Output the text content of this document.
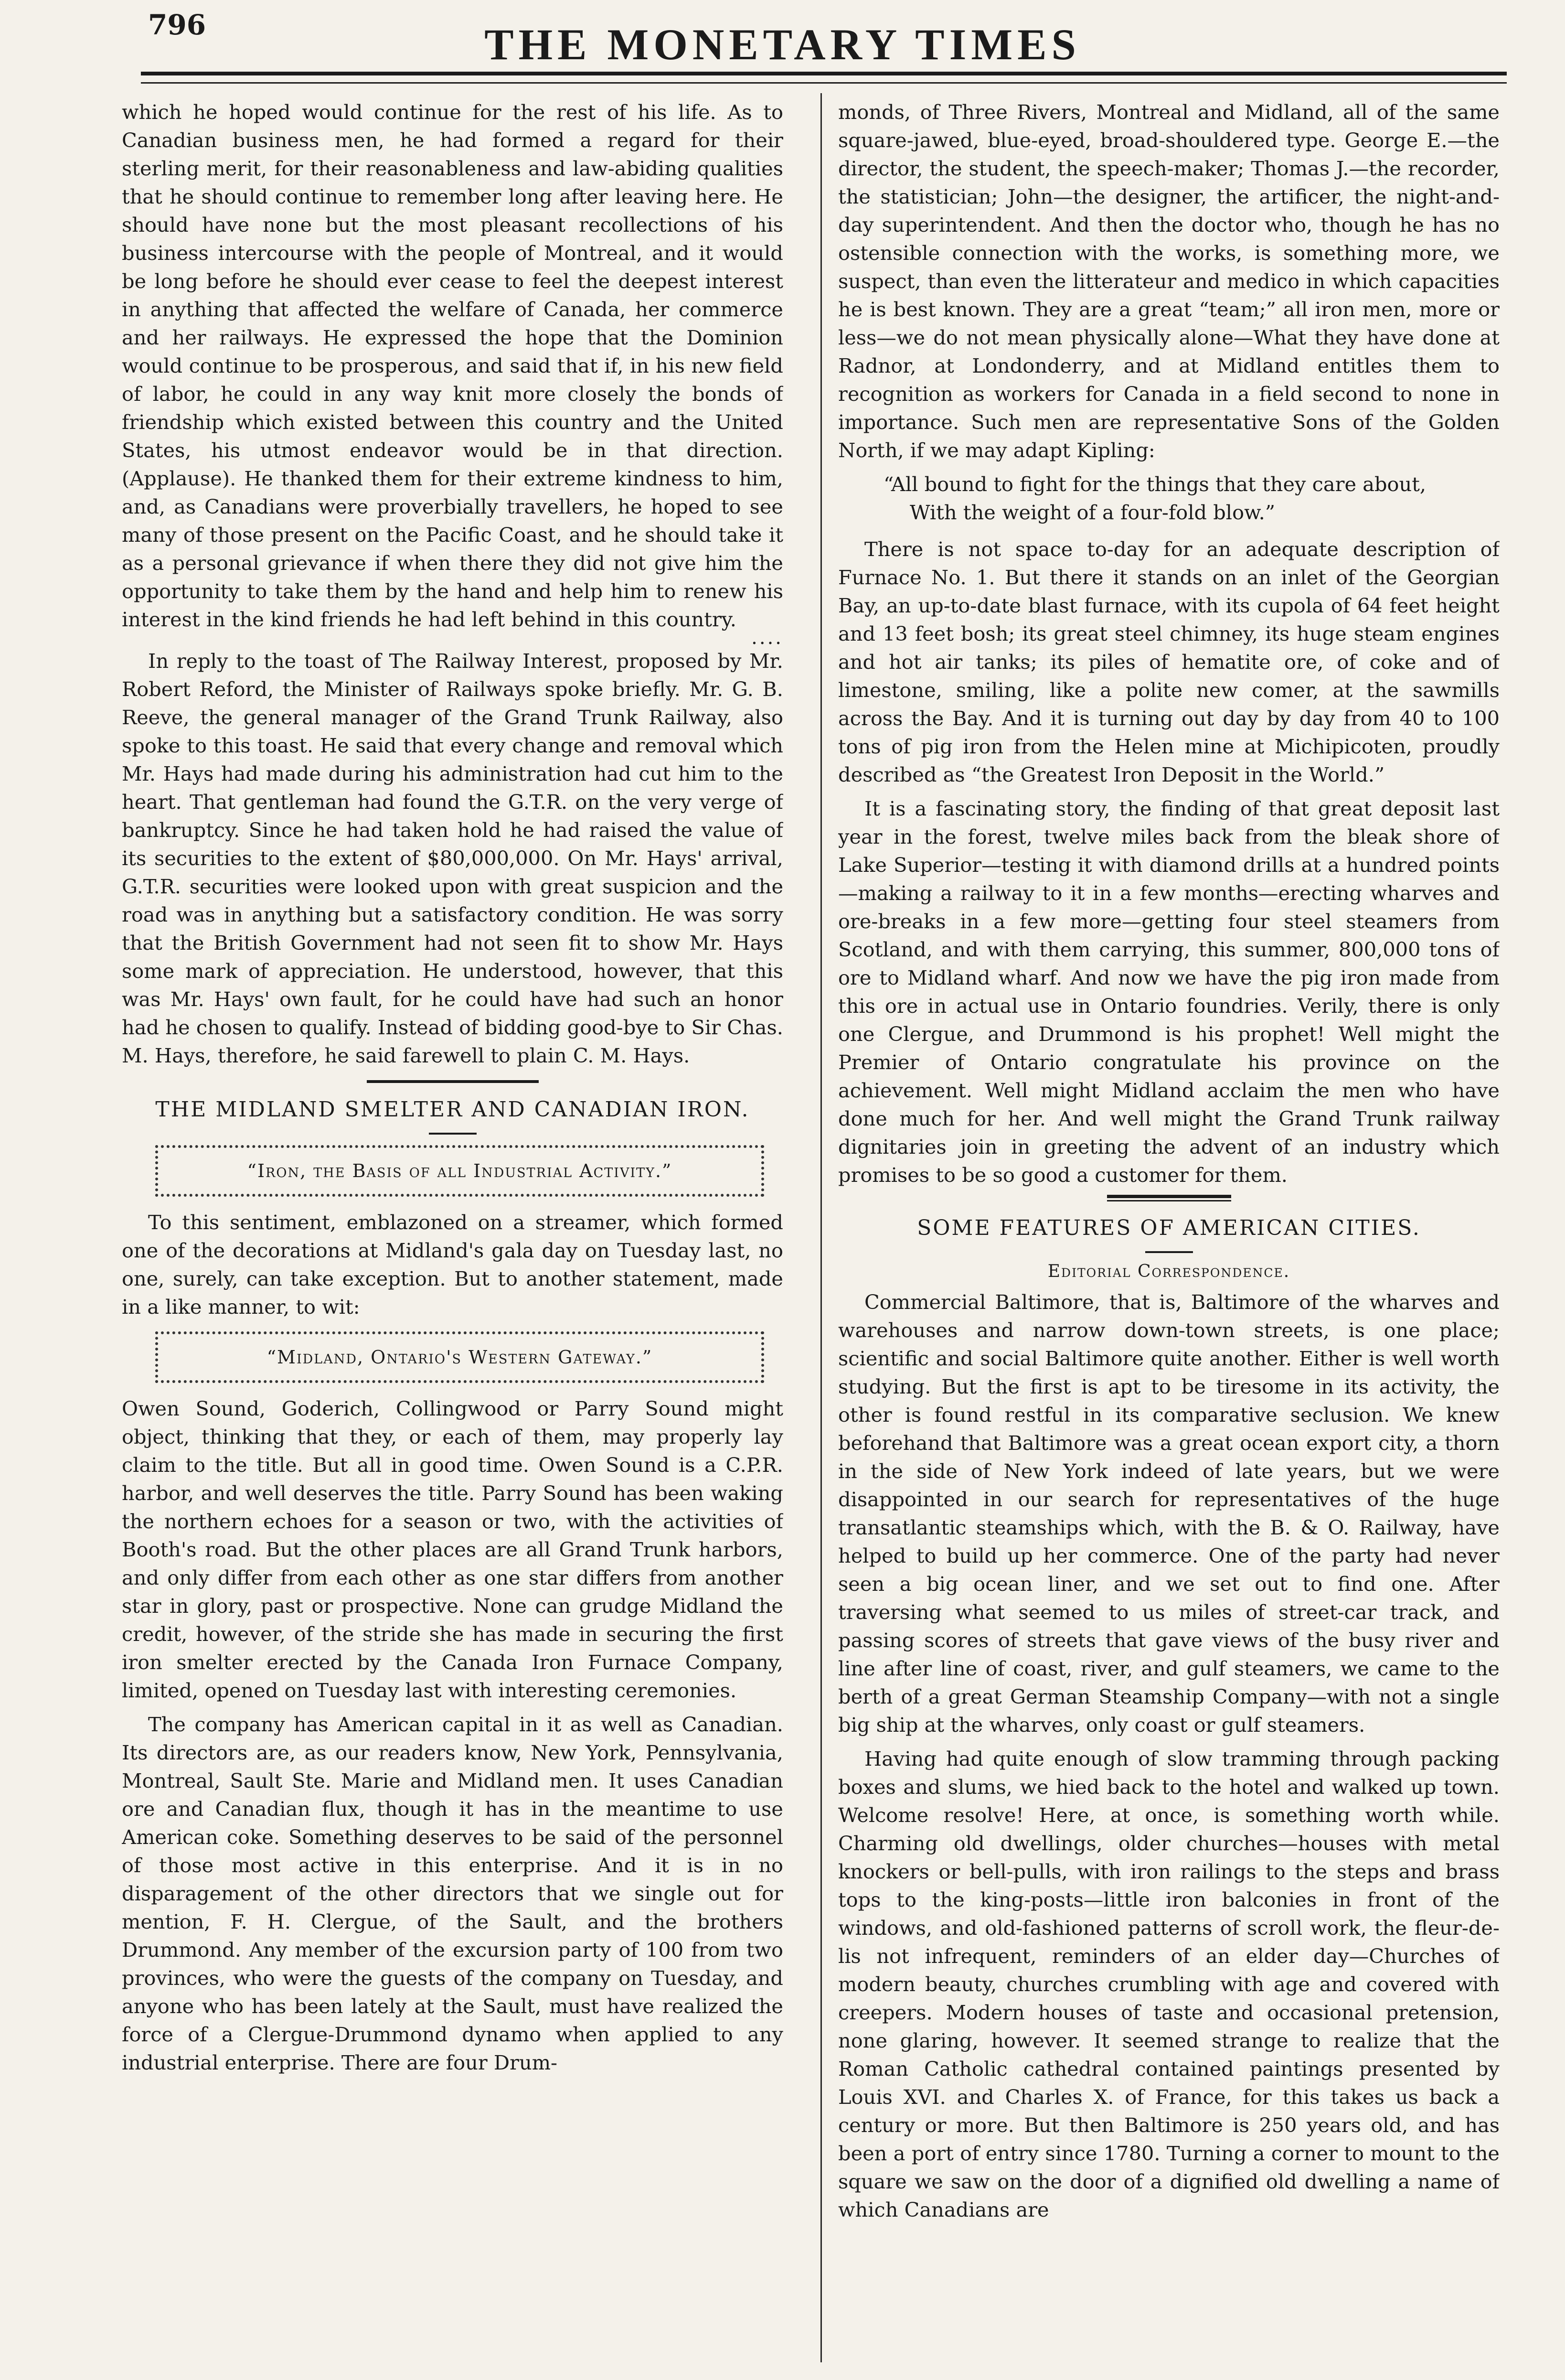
796	THE MONETARY TIMES

which he hoped would continue for the rest of his life. As to Canadian business men, he had formed a regard for their sterling merit, for their reasonableness and law-abiding qualities that he should continue to remember long after leaving here. He should have none but the most pleasant recollections of his business intercourse with the people of Montreal, and it would be long before he should ever cease to feel the deepest interest in anything that affected the welfare of Canada, her commerce and her railways. He expressed the hope that the Dominion would continue to be prosperous, and said that if, in his new field of labor, he could in any way knit more closely the bonds of friendship which existed between this country and the United States, his utmost endeavor would be in that direction. (Applause). He thanked them for their extreme kindness to him, and, as Canadians were proverbially travellers, he hoped to see many of those present on the Pacific Coast, and he should take it as a personal grievance if when there they did not give him the opportunity to take them by the hand and help him to renew his interest in the kind friends he had left behind in this country.

....

In reply to the toast of The Railway Interest, proposed by Mr. Robert Reford, the Minister of Railways spoke briefly. Mr. G. B. Reeve, the general manager of the Grand Trunk Railway, also spoke to this toast. He said that every change and removal which Mr. Hays had made during his administration had cut him to the heart. That gentleman had found the G.T.R. on the very verge of bankruptcy. Since he had taken hold he had raised the value of its securities to the extent of $80,000,000. On Mr. Hays' arrival, G.T.R. securities were looked upon with great suspicion and the road was in anything but a satisfactory condition. He was sorry that the British Government had not seen fit to show Mr. Hays some mark of appreciation. He understood, however, that this was Mr. Hays' own fault, for he could have had such an honor had he chosen to qualify. Instead of bidding good-bye to Sir Chas. M. Hays, therefore, he said farewell to plain C. M. Hays.

THE MIDLAND SMELTER AND CANADIAN IRON.
“Iron, the Basis of all Industrial Activity.”

To this sentiment, emblazoned on a streamer, which formed one of the decorations at Midland's gala day on Tuesday last, no one, surely, can take exception. But to another statement, made in a like manner, to wit:

“Midland, Ontario's Western Gateway.”

Owen Sound, Goderich, Collingwood or Parry Sound might object, thinking that they, or each of them, may properly lay claim to the title. But all in good time. Owen Sound is a C.P.R. harbor, and well deserves the title. Parry Sound has been waking the northern echoes for a season or two, with the activities of Booth's road. But the other places are all Grand Trunk harbors, and only differ from each other as one star differs from another star in glory, past or prospective. None can grudge Midland the credit, however, of the stride she has made in securing the first iron smelter erected by the Canada Iron Furnace Company, limited, opened on Tuesday last with interesting ceremonies.

The company has American capital in it as well as Canadian. Its directors are, as our readers know, New York, Pennsylvania, Montreal, Sault Ste. Marie and Midland men. It uses Canadian ore and Canadian flux, though it has in the meantime to use American coke. Something deserves to be said of the personnel of those most active in this enterprise. And it is in no disparagement of the other directors that we single out for mention, F. H. Clergue, of the Sault, and the brothers Drummond. Any member of the excursion party of 100 from two provinces, who were the guests of the company on Tuesday, and anyone who has been lately at the Sault, must have realized the force of a Clergue-Drummond dynamo when applied to any industrial enterprise. There are four Drum-

monds, of Three Rivers, Montreal and Midland, all of the same square-jawed, blue-eyed, broad-shouldered type. George E.—the director, the student, the speech-maker; Thomas J.—the recorder, the statistician; John—the designer, the artificer, the night-and-day superintendent. And then the doctor who, though he has no ostensible connection with the works, is something more, we suspect, than even the litterateur and medico in which capacities he is best known. They are a great “team;” all iron men, more or less—we do not mean physically alone—What they have done at Radnor, at Londonderry, and at Midland entitles them to recognition as workers for Canada in a field second to none in importance. Such men are representative Sons of the Golden North, if we may adapt Kipling:

“All bound to fight for the things that they care about,
With the weight of a four-fold blow.”

There is not space to-day for an adequate description of Furnace No. 1. But there it stands on an inlet of the Georgian Bay, an up-to-date blast furnace, with its cupola of 64 feet height and 13 feet bosh; its great steel chimney, its huge steam engines and hot air tanks; its piles of hematite ore, of coke and of limestone, smiling, like a polite new comer, at the sawmills across the Bay. And it is turning out day by day from 40 to 100 tons of pig iron from the Helen mine at Michipicoten, proudly described as “the Greatest Iron Deposit in the World.”

It is a fascinating story, the finding of that great deposit last year in the forest, twelve miles back from the bleak shore of Lake Superior—testing it with diamond drills at a hundred points—making a railway to it in a few months—erecting wharves and ore-breaks in a few more—getting four steel steamers from Scotland, and with them carrying, this summer, 800,000 tons of ore to Midland wharf. And now we have the pig iron made from this ore in actual use in Ontario foundries. Verily, there is only one Clergue, and Drummond is his prophet! Well might the Premier of Ontario congratulate his province on the achievement. Well might Midland acclaim the men who have done much for her. And well might the Grand Trunk railway dignitaries join in greeting the advent of an industry which promises to be so good a customer for them.

SOME FEATURES OF AMERICAN CITIES.
Editorial Correspondence.

Commercial Baltimore, that is, Baltimore of the wharves and warehouses and narrow down-town streets, is one place; scientific and social Baltimore quite another. Either is well worth studying. But the first is apt to be tiresome in its activity, the other is found restful in its comparative seclusion. We knew beforehand that Baltimore was a great ocean export city, a thorn in the side of New York indeed of late years, but we were disappointed in our search for representatives of the huge transatlantic steamships which, with the B. & O. Railway, have helped to build up her commerce. One of the party had never seen a big ocean liner, and we set out to find one. After traversing what seemed to us miles of street-car track, and passing scores of streets that gave views of the busy river and line after line of coast, river, and gulf steamers, we came to the berth of a great German Steamship Company—with not a single big ship at the wharves, only coast or gulf steamers.

Having had quite enough of slow tramming through packing boxes and slums, we hied back to the hotel and walked up town. Welcome resolve! Here, at once, is something worth while. Charming old dwellings, older churches—houses with metal knockers or bell-pulls, with iron railings to the steps and brass tops to the king-posts—little iron balconies in front of the windows, and old-fashioned patterns of scroll work, the fleur-de-lis not infrequent, reminders of an elder day—Churches of modern beauty, churches crumbling with age and covered with creepers. Modern houses of taste and occasional pretension, none glaring, however. It seemed strange to realize that the Roman Catholic cathedral contained paintings presented by Louis XVI. and Charles X. of France, for this takes us back a century or more. But then Baltimore is 250 years old, and has been a port of entry since 1780. Turning a corner to mount to the square we saw on the door of a dignified old dwelling a name of which Canadians are
